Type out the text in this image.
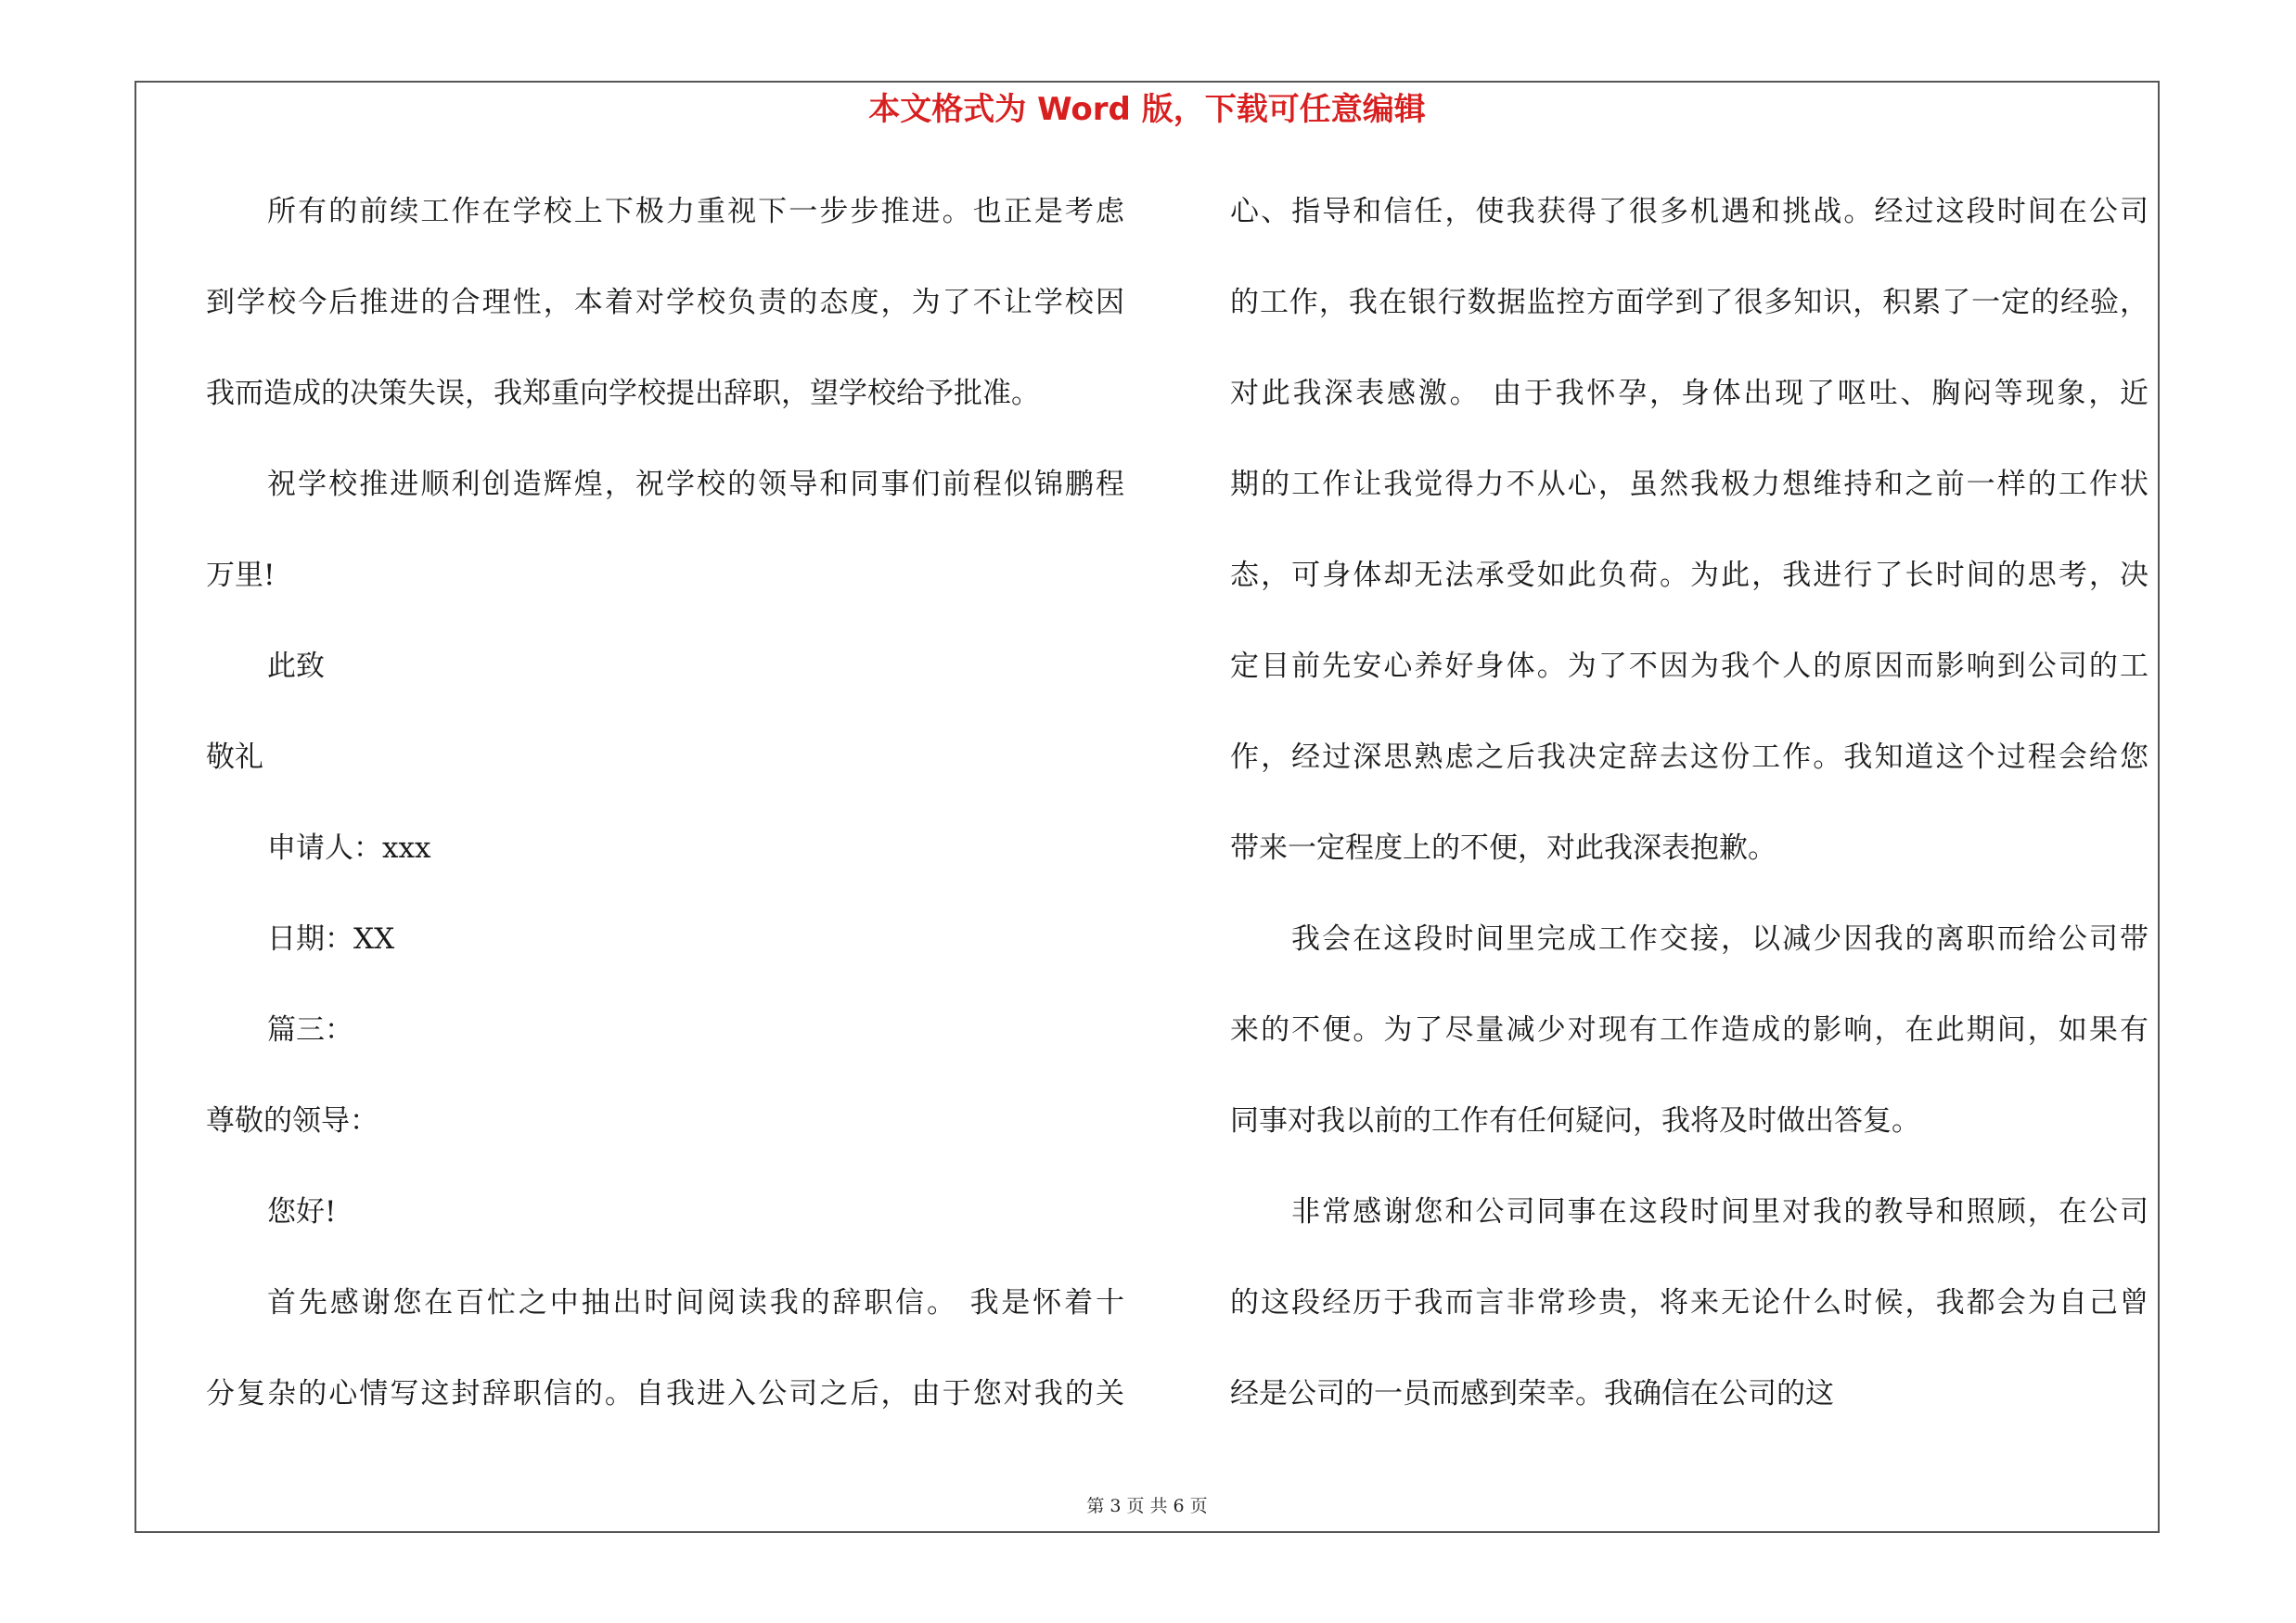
本文格式为 Word 版，下载可任意编辑
所有的前续工作在学校上下极力重视下一步步推进。也正是考虑
到学校今后推进的合理性，本着对学校负责的态度，为了不让学校因
我而造成的决策失误，我郑重向学校提出辞职，望学校给予批准。
祝学校推进顺利创造辉煌，祝学校的领导和同事们前程似锦鹏程
万里!
此致
敬礼
申请人：xxx
日期：XX
篇三：
尊敬的领导：
您好!
首先感谢您在百忙之中抽出时间阅读我的辞职信。 我是怀着十
分复杂的心情写这封辞职信的。自我进入公司之后，由于您对我的关
心、指导和信任，使我获得了很多机遇和挑战。经过这段时间在公司
的工作，我在银行数据监控方面学到了很多知识，积累了一定的经验，
对此我深表感激。 由于我怀孕，身体出现了呕吐、胸闷等现象，近
期的工作让我觉得力不从心，虽然我极力想维持和之前一样的工作状
态，可身体却无法承受如此负荷。为此，我进行了长时间的思考，决
定目前先安心养好身体。为了不因为我个人的原因而影响到公司的工
作，经过深思熟虑之后我决定辞去这份工作。我知道这个过程会给您
带来一定程度上的不便，对此我深表抱歉。
我会在这段时间里完成工作交接，以减少因我的离职而给公司带
来的不便。为了尽量减少对现有工作造成的影响，在此期间，如果有
同事对我以前的工作有任何疑问，我将及时做出答复。
非常感谢您和公司同事在这段时间里对我的教导和照顾，在公司
的这段经历于我而言非常珍贵，将来无论什么时候，我都会为自己曾
经是公司的一员而感到荣幸。我确信在公司的这
第 3 页 共 6 页
